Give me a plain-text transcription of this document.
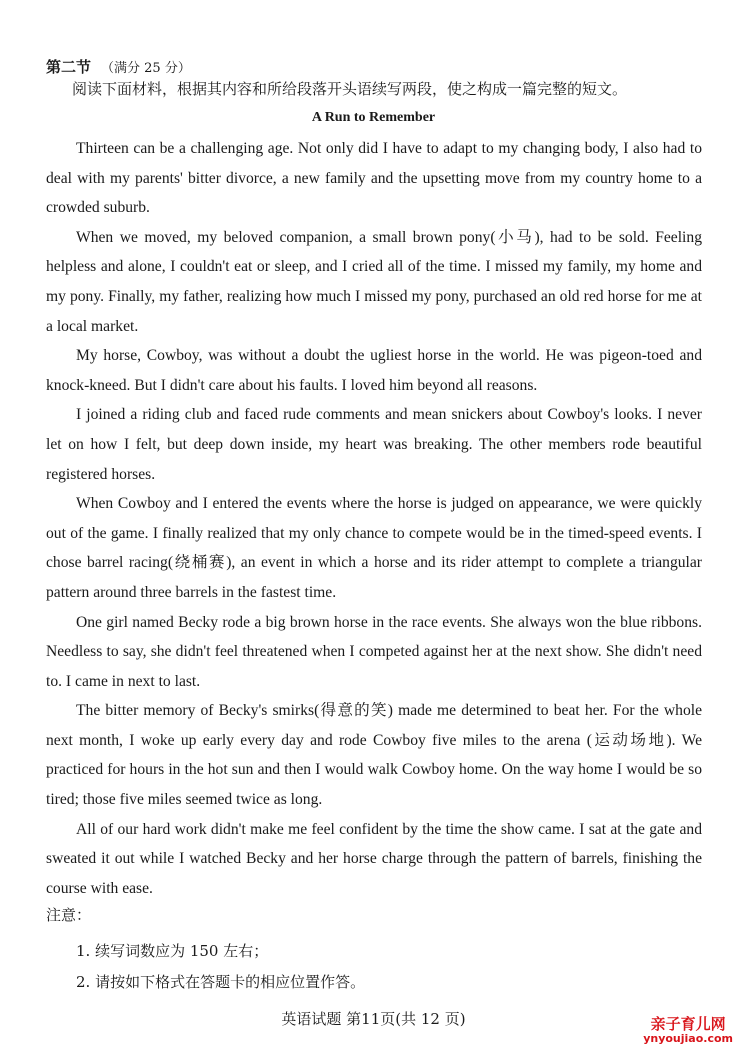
第二节 （满分 25 分）
阅读下面材料，根据其内容和所给段落开头语续写两段，使之构成一篇完整的短文。
A Run to Remember

Thirteen can be a challenging age. Not only did I have to adapt to my changing body, I also had to deal with my parents' bitter divorce, a new family and the upsetting move from my country home to a crowded suburb.

When we moved, my beloved companion, a small brown pony(小马), had to be sold. Feeling helpless and alone, I couldn't eat or sleep, and I cried all of the time. I missed my family, my home and my pony. Finally, my father, realizing how much I missed my pony, purchased an old red horse for me at a local market.

My horse, Cowboy, was without a doubt the ugliest horse in the world. He was pigeon-toed and knock-kneed. But I didn't care about his faults. I loved him beyond all reasons.

I joined a riding club and faced rude comments and mean snickers about Cowboy's looks. I never let on how I felt, but deep down inside, my heart was breaking. The other members rode beautiful registered horses.

When Cowboy and I entered the events where the horse is judged on appearance, we were quickly out of the game. I finally realized that my only chance to compete would be in the timed-speed events. I chose barrel racing(绕桶赛), an event in which a horse and its rider attempt to complete a triangular pattern around three barrels in the fastest time.

One girl named Becky rode a big brown horse in the race events. She always won the blue ribbons. Needless to say, she didn't feel threatened when I competed against her at the next show. She didn't need to. I came in next to last.

The bitter memory of Becky's smirks(得意的笑) made me determined to beat her. For the whole next month, I woke up early every day and rode Cowboy five miles to the arena (运动场地). We practiced for hours in the hot sun and then I would walk Cowboy home. On the way home I would be so tired; those five miles seemed twice as long.

All of our hard work didn't make me feel confident by the time the show came. I sat at the gate and sweated it out while I watched Becky and her horse charge through the pattern of barrels, finishing the course with ease.

注意：
1. 续写词数应为 150 左右；
2. 请按如下格式在答题卡的相应位置作答。
英语试题 第11页(共 12 页)	亲子育儿网
ynyoujiao.com
